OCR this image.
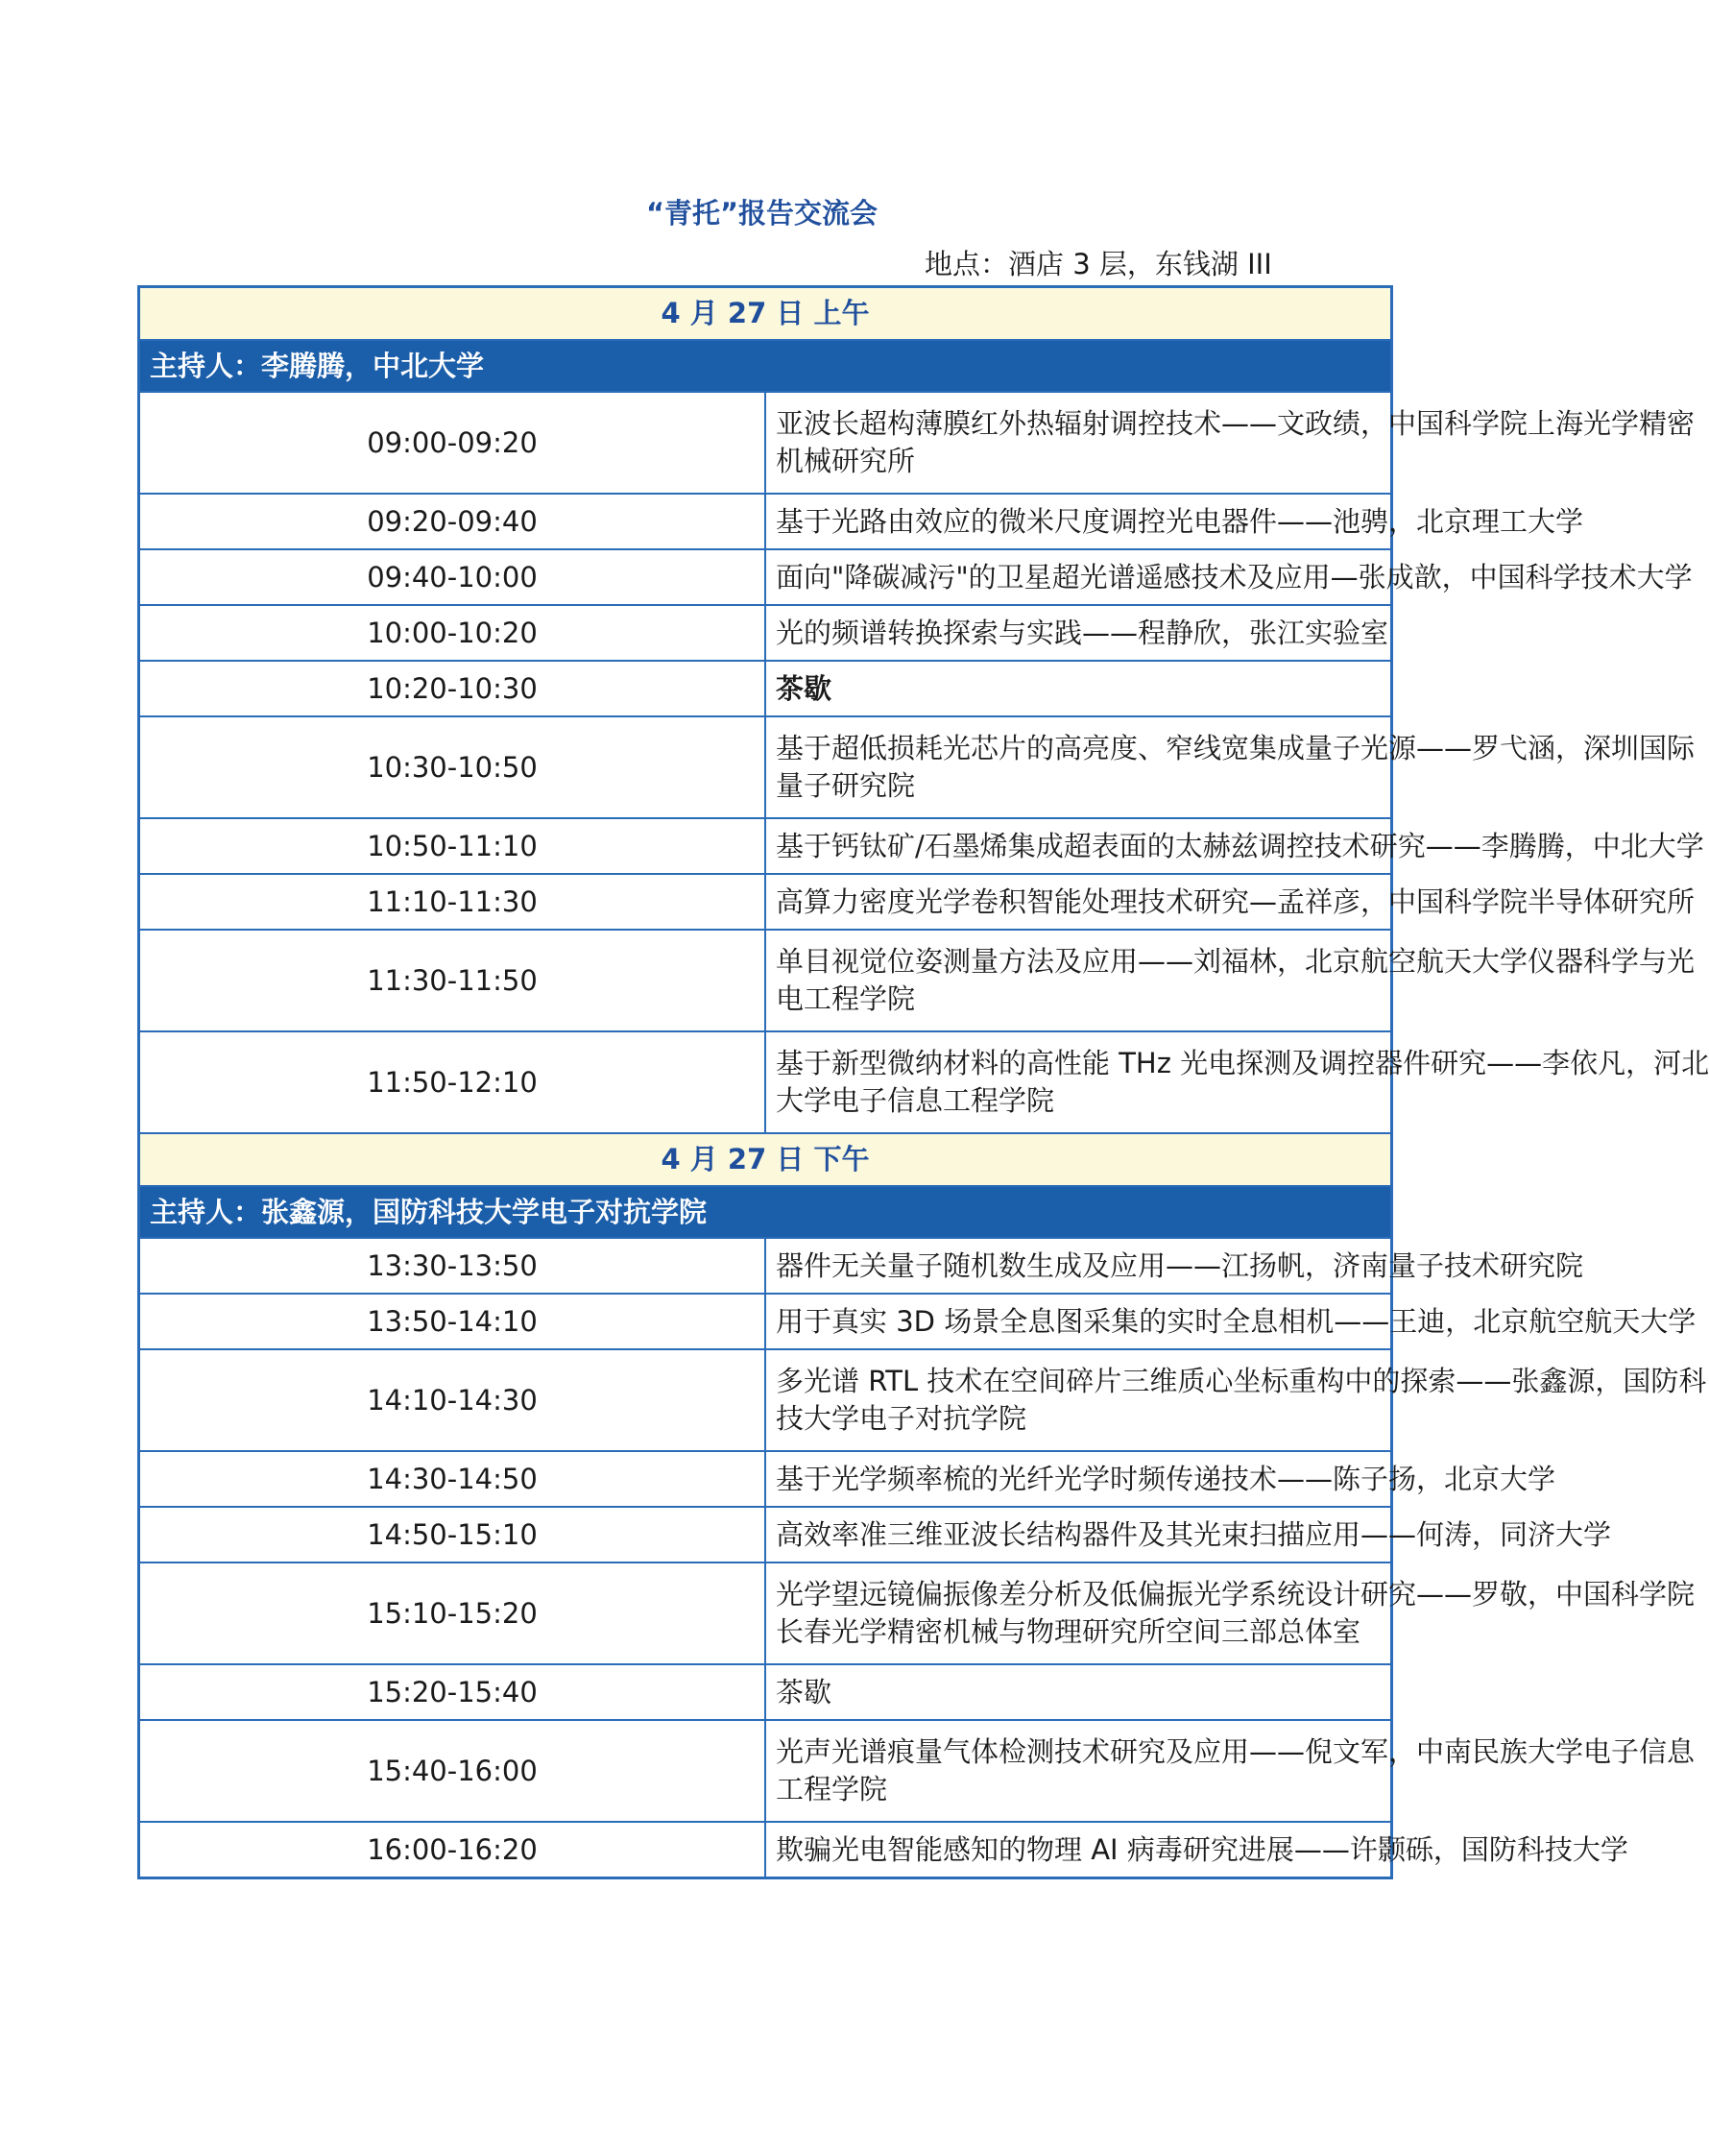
“青托”报告交流会
地点：酒店 3 层，东钱湖 III
4 月 27 日 上午	
主持人：李腾腾，中北大学	
09:00-09:20	亚波长超构薄膜红外热辐射调控技术——文政绩，中国科学院上海光学精密
机械研究所

09:20-09:40	基于光路由效应的微米尺度调控光电器件——池骋，北京理工大学

09:40-10:00	面向"降碳减污"的卫星超光谱遥感技术及应用—张成歆，中国科学技术大学

10:00-10:20	光的频谱转换探索与实践——程静欣，张江实验室

10:20-10:30	茶歇

10:30-10:50	基于超低损耗光芯片的高亮度、窄线宽集成量子光源——罗弋涵，深圳国际
量子研究院

10:50-11:10	基于钙钛矿/石墨烯集成超表面的太赫兹调控技术研究——李腾腾，中北大学

11:10-11:30	高算力密度光学卷积智能处理技术研究—孟祥彦，中国科学院半导体研究所

11:30-11:50	单目视觉位姿测量方法及应用——刘福林，北京航空航天大学仪器科学与光
电工程学院

11:50-12:10	基于新型微纳材料的高性能 THz 光电探测及调控器件研究——李依凡，河北
大学电子信息工程学院

4 月 27 日 下午	
主持人：张鑫源，国防科技大学电子对抗学院	
13:30-13:50	器件无关量子随机数生成及应用——江扬帆，济南量子技术研究院

13:50-14:10	用于真实 3D 场景全息图采集的实时全息相机——王迪，北京航空航天大学

14:10-14:30	多光谱 RTL 技术在空间碎片三维质心坐标重构中的探索——张鑫源，国防科
技大学电子对抗学院

14:30-14:50	基于光学频率梳的光纤光学时频传递技术——陈子扬，北京大学

14:50-15:10	高效率准三维亚波长结构器件及其光束扫描应用——何涛，同济大学

15:10-15:20	光学望远镜偏振像差分析及低偏振光学系统设计研究——罗敬，中国科学院
长春光学精密机械与物理研究所空间三部总体室

15:20-15:40	茶歇

15:40-16:00	光声光谱痕量气体检测技术研究及应用——倪文军，中南民族大学电子信息
工程学院

16:00-16:20	欺骗光电智能感知的物理 AI 病毒研究进展——许颢砾，国防科技大学
